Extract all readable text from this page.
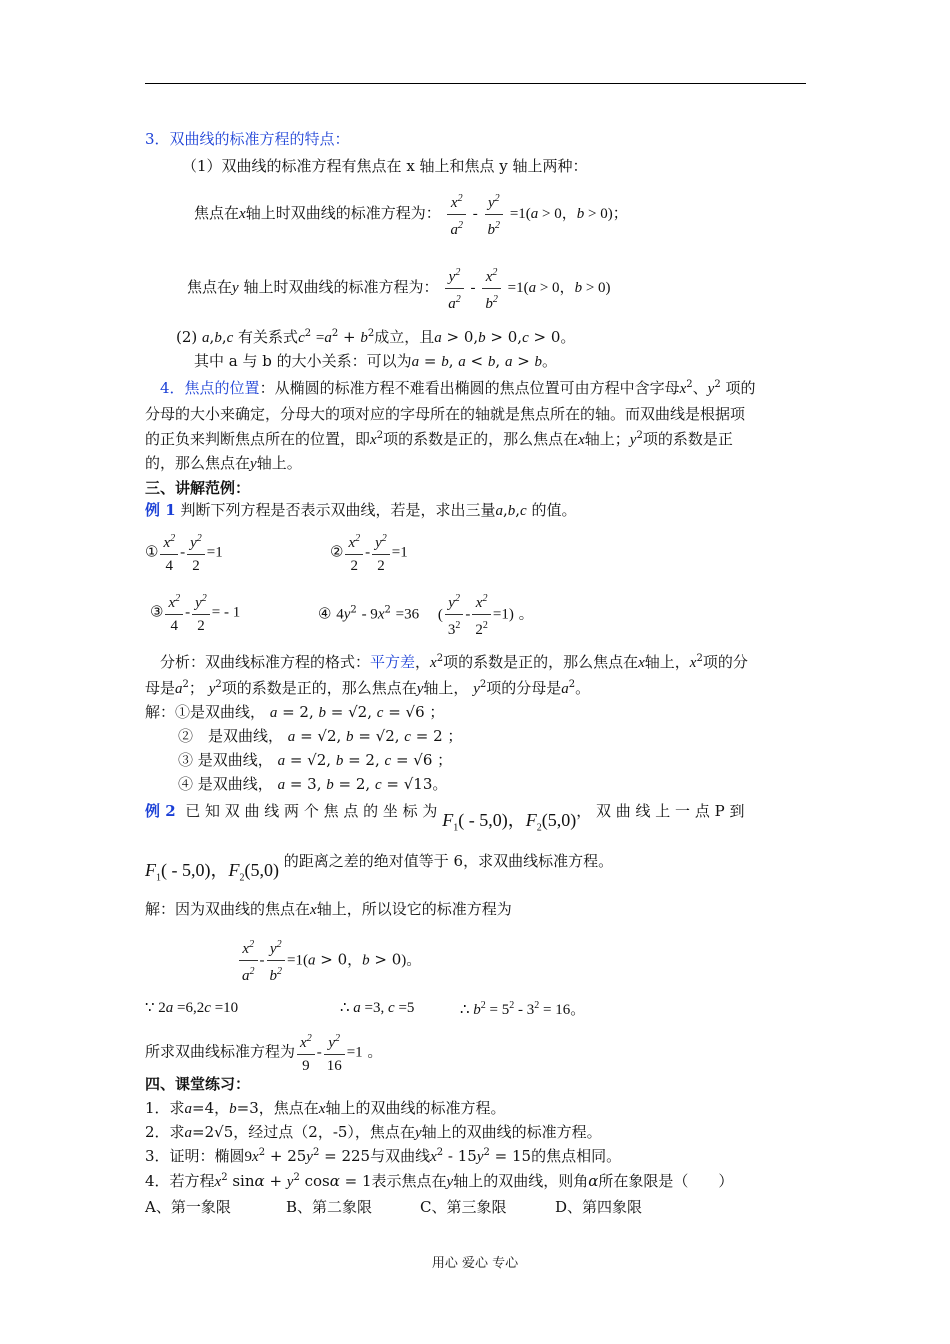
3．双曲线的标准方程的特点：
（1）双曲线的标准方程有焦点在 x 轴上和焦点 y 轴上两种：
焦点在x轴上时双曲线的标准方程为： $\frac{x^2}{a^2} - \frac{y^2}{b^2} =1(a > 0$，b > 0)；
焦点在y 轴上时双曲线的标准方程为： $\frac{y^2}{a^2} - \frac{x^2}{b^2} =1(a > 0$，b > 0)
(2) a,b,c 有关系式$c^2 =a^2 + b^2$成立，且a > 0,b > 0,c > 0。
其中 a 与 b 的大小关系：可以为a = b, a < b, a > b。
4．焦点的位置：从椭圆的标准方程不难看出椭圆的焦点位置可由方程中含字母$x^2$、$y^2$ 项的
分母的大小来确定，分母大的项对应的字母所在的轴就是焦点所在的轴。而双曲线是根据项
的正负来判断焦点所在的位置，即$x^2$项的系数是正的，那么焦点在x轴上；$y^2$项的系数是正
的，那么焦点在y轴上。
三、讲解范例：
例 1 判断下列方程是否表示双曲线，若是，求出三量a,b,c 的值。
① $\frac{x^2}{4} - \frac{y^2}{2} =1$	② $\frac{x^2}{2} - \frac{y^2}{2} =1$
③ $\frac{x^2}{4} - \frac{y^2}{2}$ = - 1	④ $4y^2 - 9x^2 =36$ ( $\frac{y^2}{3^2} - \frac{x^2}{2^2} =1$) 。
分析：双曲线标准方程的格式：平方差，$x^2$项的系数是正的，那么焦点在x轴上，$x^2$项的分
母是$a^2$； $y^2$项的系数是正的，那么焦点在y轴上， $y^2$项的分母是$a^2$。
解：①是双曲线， a = 2, b = √2, c = √6 ；
②　是双曲线， a = √2, b = √2, c = 2 ；
③ 是双曲线， a = √2, b = 2, c = √6 ；
④ 是双曲线， a = 3, b = 2, c = √13。
例 2 已 知 双 曲 线 两 个 焦 点 的 坐 标 为 $F_1( - 5,0)$，$F_2(5,0)$， 双 曲 线 上 一 点 P 到
$F_1( - 5,0)$，$F_2(5,0)$ 的距离之差的绝对值等于 6，求双曲线标准方程。
解：因为双曲线的焦点在x轴上，所以设它的标准方程为
$\frac{x^2}{a^2} - \frac{y^2}{b^2} =1(a > 0$，b > 0)。
∵ 2a =6,2c =10	∴ a =3, c =5	∴ $b^2 = 5^2 - 3^2 = 16$。
所求双曲线标准方程为 $\frac{x^2}{9} - \frac{y^2}{16} =1$ 。
四、课堂练习：
1．求a=4，b=3，焦点在x轴上的双曲线的标准方程。
2．求a=2√5，经过点（2，-5），焦点在y轴上的双曲线的标准方程。
3．证明：椭圆$9x^2 + 25y^2 = 225$与双曲线$x^2 - 15y^2 = 15$的焦点相同。
4．若方程$x^2$ $\sin\alpha + y^2$ cosα = 1表示焦点在y轴上的双曲线，则角α所在象限是（　　）
A、第一象限	B、第二象限	C、第三象限	D、第四象限
用心 爱心 专心
